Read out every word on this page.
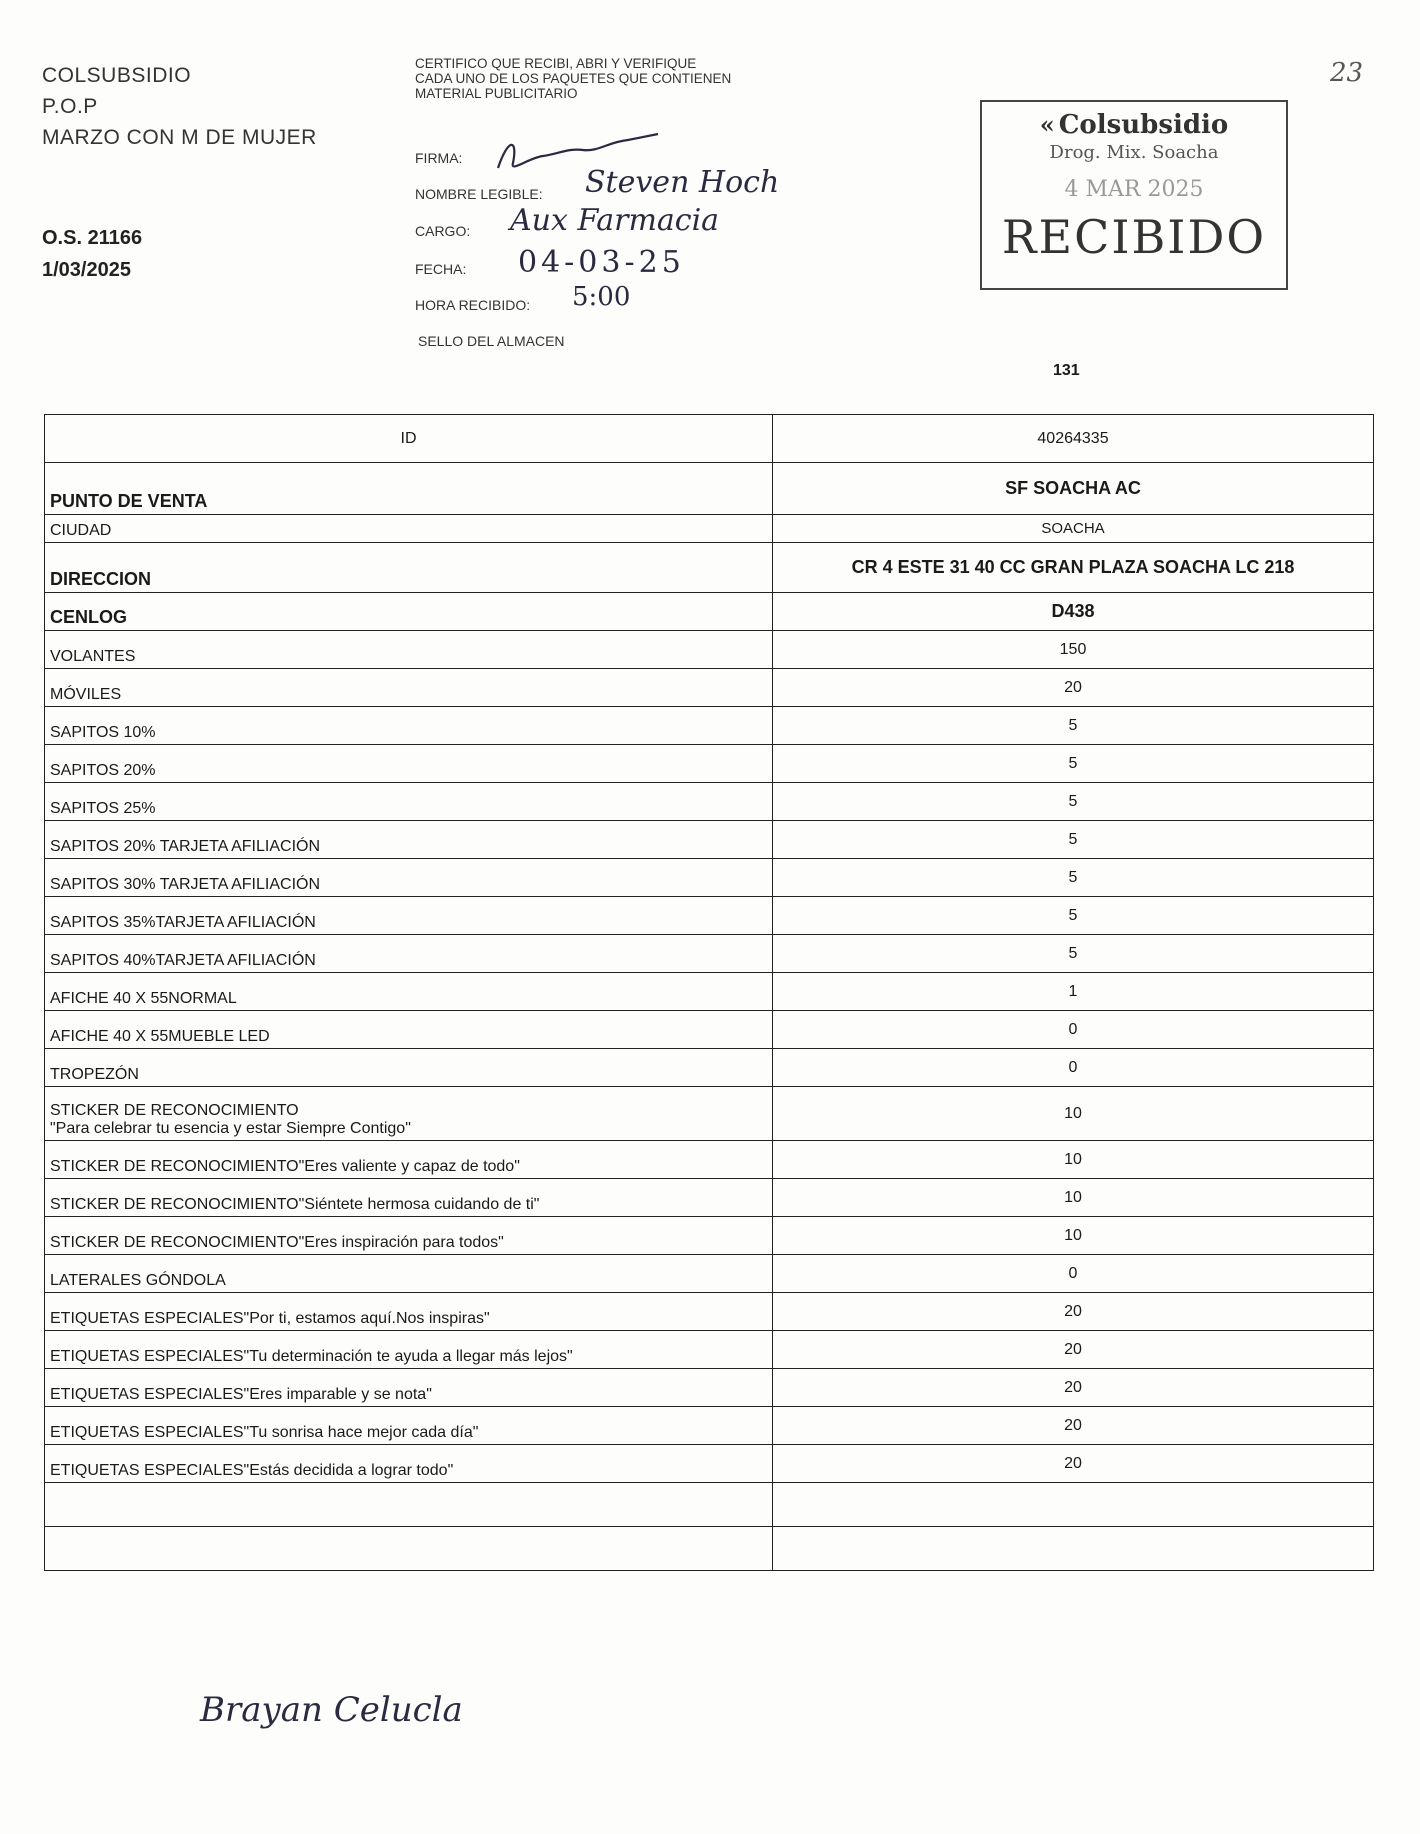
COLSUBSIDIO
P.O.P
MARZO CON M DE MUJER
O.S. 21166
1/03/2025
CERTIFICO QUE RECIBI, ABRI Y VERIFIQUE CADA UNO DE LOS PAQUETES QUE CONTIENEN MATERIAL PUBLICITARIO
FIRMA:
NOMBRE LEGIBLE: Steven Hoch
CARGO: Aux Farmacia
FECHA: 04-03-25
HORA RECIBIDO: 5:00
SELLO DEL ALMACEN
23
« Colsubsidio
Drog. Mix. Soacha
4 MAR 2025
RECIBIDO
131
ID	40264335
PUNTO DE VENTA	SF SOACHA AC
CIUDAD	SOACHA
DIRECCION	CR 4 ESTE 31 40 CC GRAN PLAZA SOACHA LC 218
CENLOG	D438
VOLANTES	150
MÓVILES	20
SAPITOS 10%	5
SAPITOS 20%	5
SAPITOS 25%	5
SAPITOS 20% TARJETA AFILIACIÓN	5
SAPITOS 30% TARJETA AFILIACIÓN	5
SAPITOS 35%TARJETA AFILIACIÓN	5
SAPITOS 40%TARJETA AFILIACIÓN	5
AFICHE 40 X 55NORMAL	1
AFICHE 40 X 55MUEBLE LED	0
TROPEZÓN	0
STICKER DE RECONOCIMIENTO
"Para celebrar tu esencia y estar Siempre Contigo"	10
STICKER DE RECONOCIMIENTO"Eres valiente y capaz de todo"	10
STICKER DE RECONOCIMIENTO"Siéntete hermosa cuidando de ti"	10
STICKER DE RECONOCIMIENTO"Eres inspiración para todos"	10
LATERALES GÓNDOLA	0
ETIQUETAS ESPECIALES"Por ti, estamos aquí.Nos inspiras"	20
ETIQUETAS ESPECIALES"Tu determinación te ayuda a llegar más lejos"	20
ETIQUETAS ESPECIALES"Eres imparable y se nota"	20
ETIQUETAS ESPECIALES"Tu sonrisa hace mejor cada día"	20
ETIQUETAS ESPECIALES"Estás decidida a lograr todo"	20

Brayan Celucla
